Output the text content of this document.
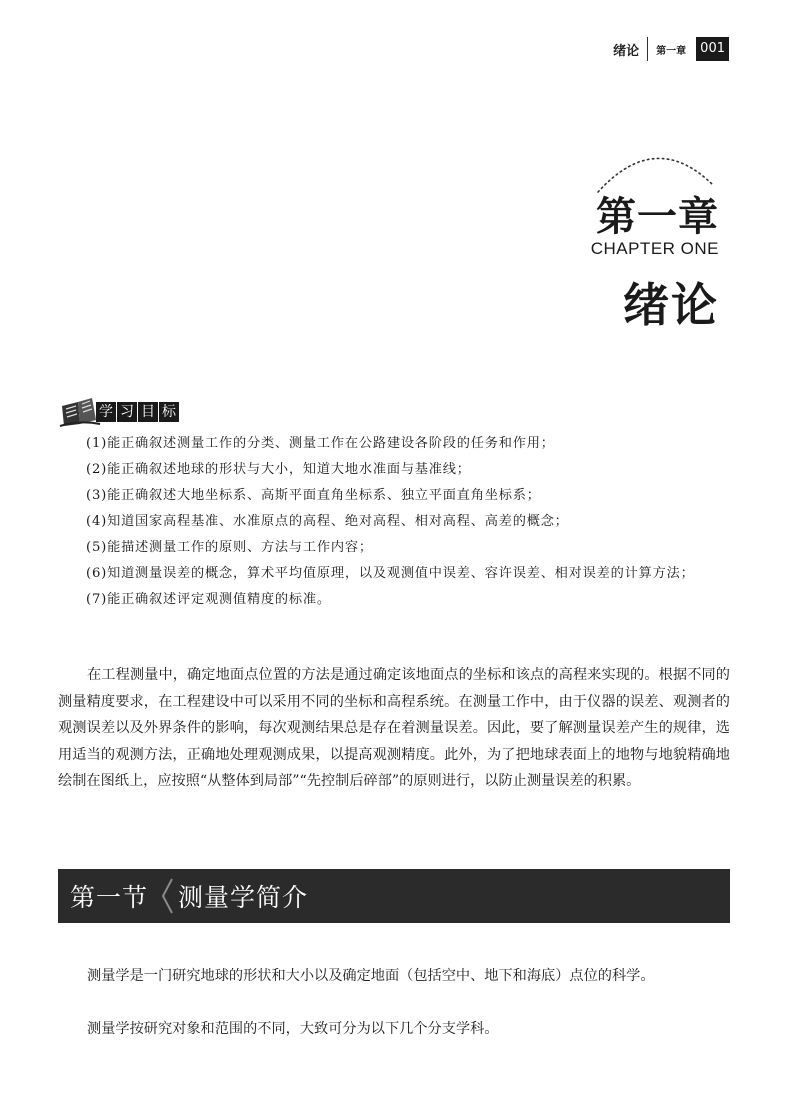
绪论 第一章	001
第一章
CHAPTER ONE
绪论
学 习 目 标

(1)能正确叙述测量工作的分类、测量工作在公路建设各阶段的任务和作用；

(2)能正确叙述地球的形状与大小，知道大地水准面与基准线；

(3)能正确叙述大地坐标系、高斯平面直角坐标系、独立平面直角坐标系；

(4)知道国家高程基准、水准原点的高程、绝对高程、相对高程、高差的概念；

(5)能描述测量工作的原则、方法与工作内容；

(6)知道测量误差的概念，算术平均值原理，以及观测值中误差、容许误差、相对误差的计算方法；

(7)能正确叙述评定观测值精度的标准。

在工程测量中，确定地面点位置的方法是通过确定该地面点的坐标和该点的高程来实现的。根据不同的测量精度要求，在工程建设中可以采用不同的坐标和高程系统。在测量工作中，由于仪器的误差、观测者的观测误差以及外界条件的影响，每次观测结果总是存在着测量误差。因此，要了解测量误差产生的规律，选用适当的观测方法，正确地处理观测成果，以提高观测精度。此外，为了把地球表面上的地物与地貌精确地绘制在图纸上，应按照“从整体到局部”“先控制后碎部”的原则进行，以防止测量误差的积累。

第一节 测量学简介

测量学是一门研究地球的形状和大小以及确定地面（包括空中、地下和海底）点位的科学。

测量学按研究对象和范围的不同，大致可分为以下几个分支学科。
